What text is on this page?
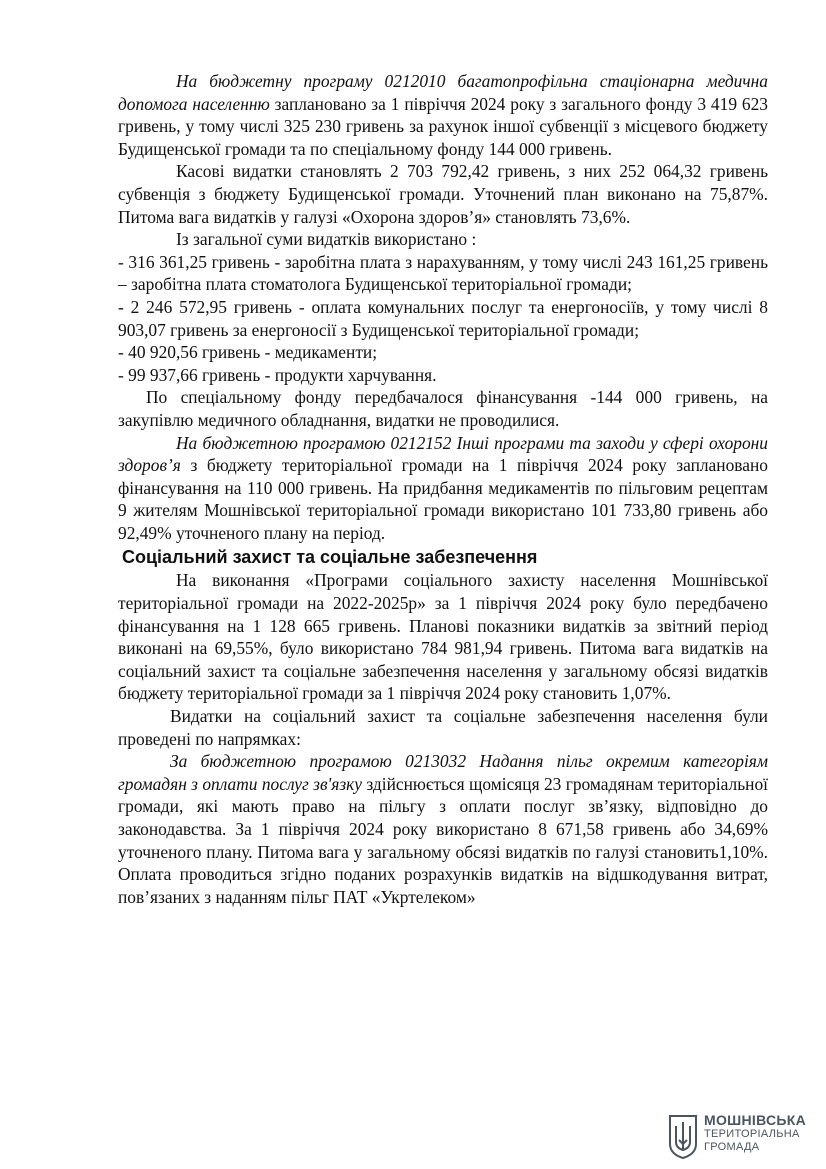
На бюджетну програму 0212010 багатопрофільна стаціонарна медична допомога населенню заплановано за 1 півріччя 2024 року з загального фонду 3 419 623 гривень, у тому числі 325 230 гривень за рахунок іншої субвенції з місцевого бюджету Будищенської громади та по спеціальному фонду 144 000 гривень.

Касові видатки становлять 2 703 792,42 гривень, з них 252 064,32 гривень субвенція з бюджету Будищенської громади. Уточнений план виконано на 75,87%. Питома вага видатків у галузі «Охорона здоров’я» становлять 73,6%.

Із загальної суми видатків використано :

- 316 361,25 гривень - заробітна плата з нарахуванням, у тому числі 243 161,25 гривень – заробітна плата стоматолога Будищенської територіальної громади;

- 2 246 572,95 гривень - оплата комунальних послуг та енергоносіїв, у тому числі 8 903,07 гривень за енергоносії з Будищенської територіальної громади;

- 40 920,56 гривень - медикаменти;

- 99 937,66 гривень - продукти харчування.

По спеціальному фонду передбачалося фінансування -144 000 гривень, на закупівлю медичного обладнання, видатки не проводилися.

На бюджетною програмою 0212152 Інші програми та заходи у сфері охорони здоров’я з бюджету територіальної громади на 1 півріччя 2024 року заплановано фінансування на 110 000 гривень. На придбання медикаментів по пільговим рецептам 9 жителям Мошнівської територіальної громади використано 101 733,80 гривень або 92,49% уточненого плану на період.

Соціальний захист та соціальне забезпечення

На виконання «Програми соціального захисту населення Мошнівської територіальної громади на 2022-2025р» за 1 півріччя 2024 року було передбачено фінансування на 1 128 665 гривень. Планові показники видатків за звітний період виконані на 69,55%, було використано 784 981,94 гривень. Питома вага видатків на соціальний захист та соціальне забезпечення населення у загальному обсязі видатків бюджету територіальної громади за 1 півріччя 2024 року становить 1,07%.

Видатки на соціальний захист та соціальне забезпечення населення були проведені по напрямках:

За бюджетною програмою 0213032 Надання пільг окремим категоріям громадян з оплати послуг зв'язку здійснюється щомісяця 23 громадянам територіальної громади, які мають право на пільгу з оплати послуг зв’язку, відповідно до законодавства. За 1 півріччя 2024 року використано 8 671,58 гривень або 34,69% уточненого плану. Питома вага у загальному обсязі видатків по галузі становить1,10%. Оплата проводиться згідно поданих розрахунків видатків на відшкодування витрат, пов’язаних з наданням пільг ПАТ «Укртелеком»

МОШНІВСЬКА
ТЕРИТОРІАЛЬНА
ГРОМАДА
